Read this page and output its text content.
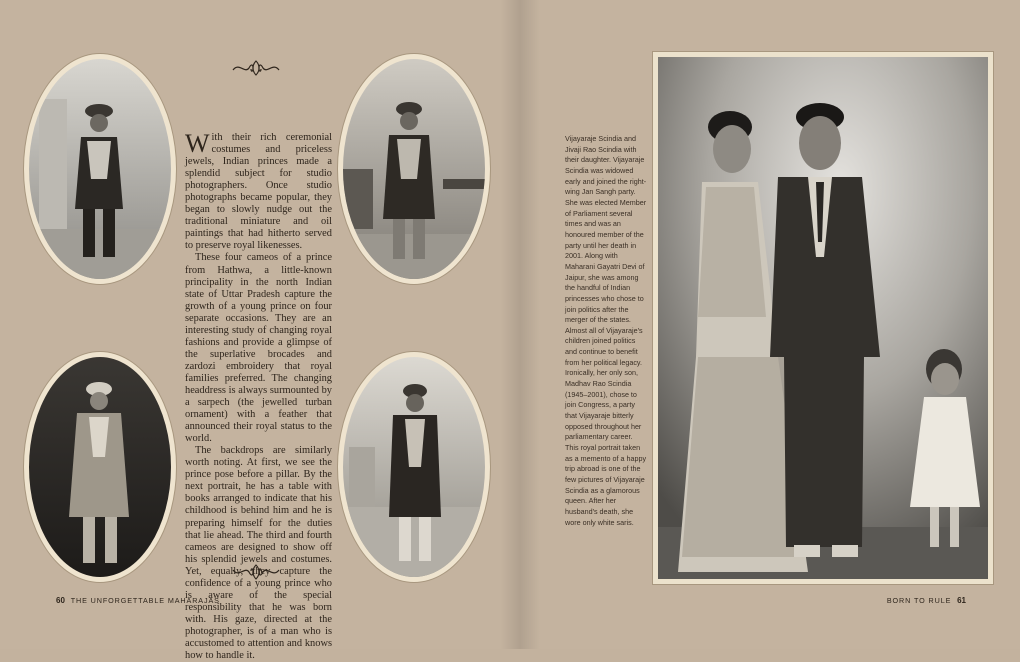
With their rich ceremonial costumes and priceless jewels, Indian princes made a splendid subject for studio photographers. Once studio photographs became popular, they began to slowly nudge out the traditional miniature and oil paintings that had hitherto served to preserve royal likenesses.

These four cameos of a prince from Hathwa, a little-known principality in the north Indian state of Uttar Pradesh capture the growth of a young prince on four separate occasions. They are an interesting study of changing royal fashions and provide a glimpse of the superlative brocades and zardozi embroidery that royal families preferred. The changing headdress is always surmounted by a sarpech (the jewelled turban ornament) with a feather that announced their royal status to the world.

The backdrops are similarly worth noting. At first, we see the prince pose before a pillar. By the next portrait, he has a table with books arranged to indicate that his childhood is behind him and he is preparing himself for the duties that lie ahead. The third and fourth cameos are designed to show off his splendid jewels and costumes. Yet, equally, they capture the confidence of a young prince who is aware of the special responsibility that he was born with. His gaze, directed at the photographer, is of a man who is accustomed to attention and knows how to handle it.

Vijayaraje Scindia and Jivaji Rao Scindia with their daughter. Vijayaraje Scindia was widowed early and joined the right-wing Jan Sangh party. She was elected Member of Parliament several times and was an honoured member of the party until her death in 2001. Along with Maharani Gayatri Devi of Jaipur, she was among the handful of Indian princesses who chose to join politics after the merger of the states. Almost all of Vijayaraje's children joined politics and continue to benefit from her political legacy. Ironically, her only son, Madhav Rao Scindia (1945–2001), chose to join Congress, a party that Vijayaraje bitterly opposed throughout her parliamentary career. This royal portrait taken as a memento of a happy trip abroad is one of the few pictures of Vijayaraje Scindia as a glamorous queen. After her husband's death, she wore only white saris.
60 THE UNFORGETTABLE MAHARAJAS	BORN TO RULE 61
